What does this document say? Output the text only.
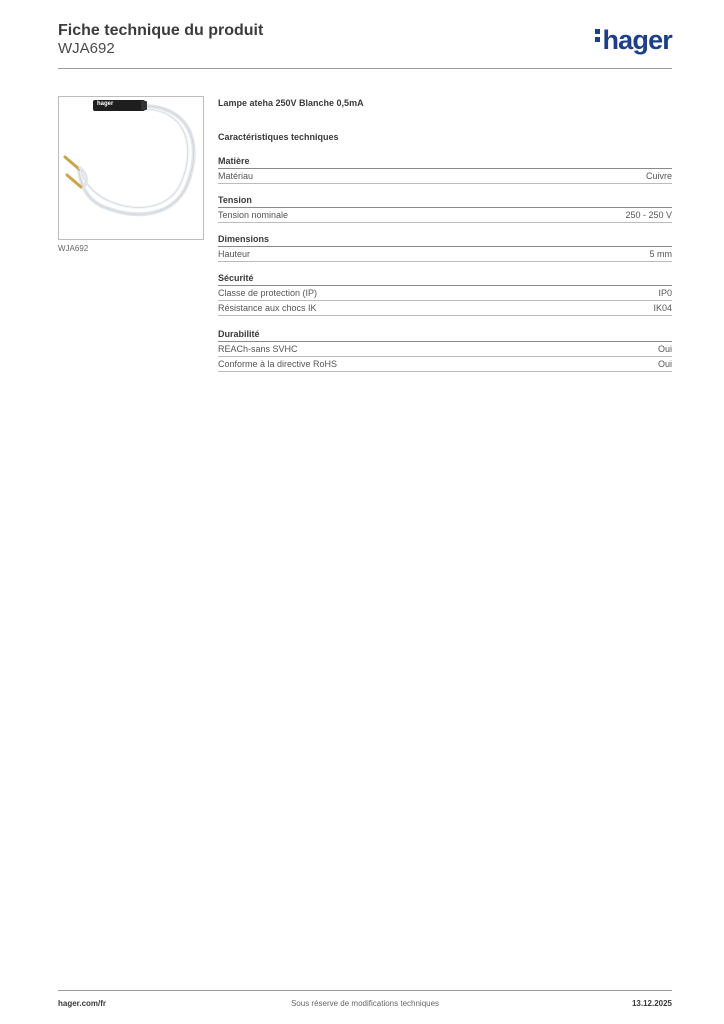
Fiche technique du produit
WJA692	hager
hager
WJA692
Lampe ateha 250V Blanche 0,5mA
Caractéristiques techniques
Matière
Matériau	Cuivre
Tension
Tension nominale	250 - 250 V
Dimensions
Hauteur	5 mm
Sécurité
Classe de protection (IP)	IP0
Résistance aux chocs IK	IK04
Durabilité
REACh-sans SVHC	Oui
Conforme à la directive RoHS	Oui
hager.com/fr	Sous réserve de modifications techniques	13.12.2025
